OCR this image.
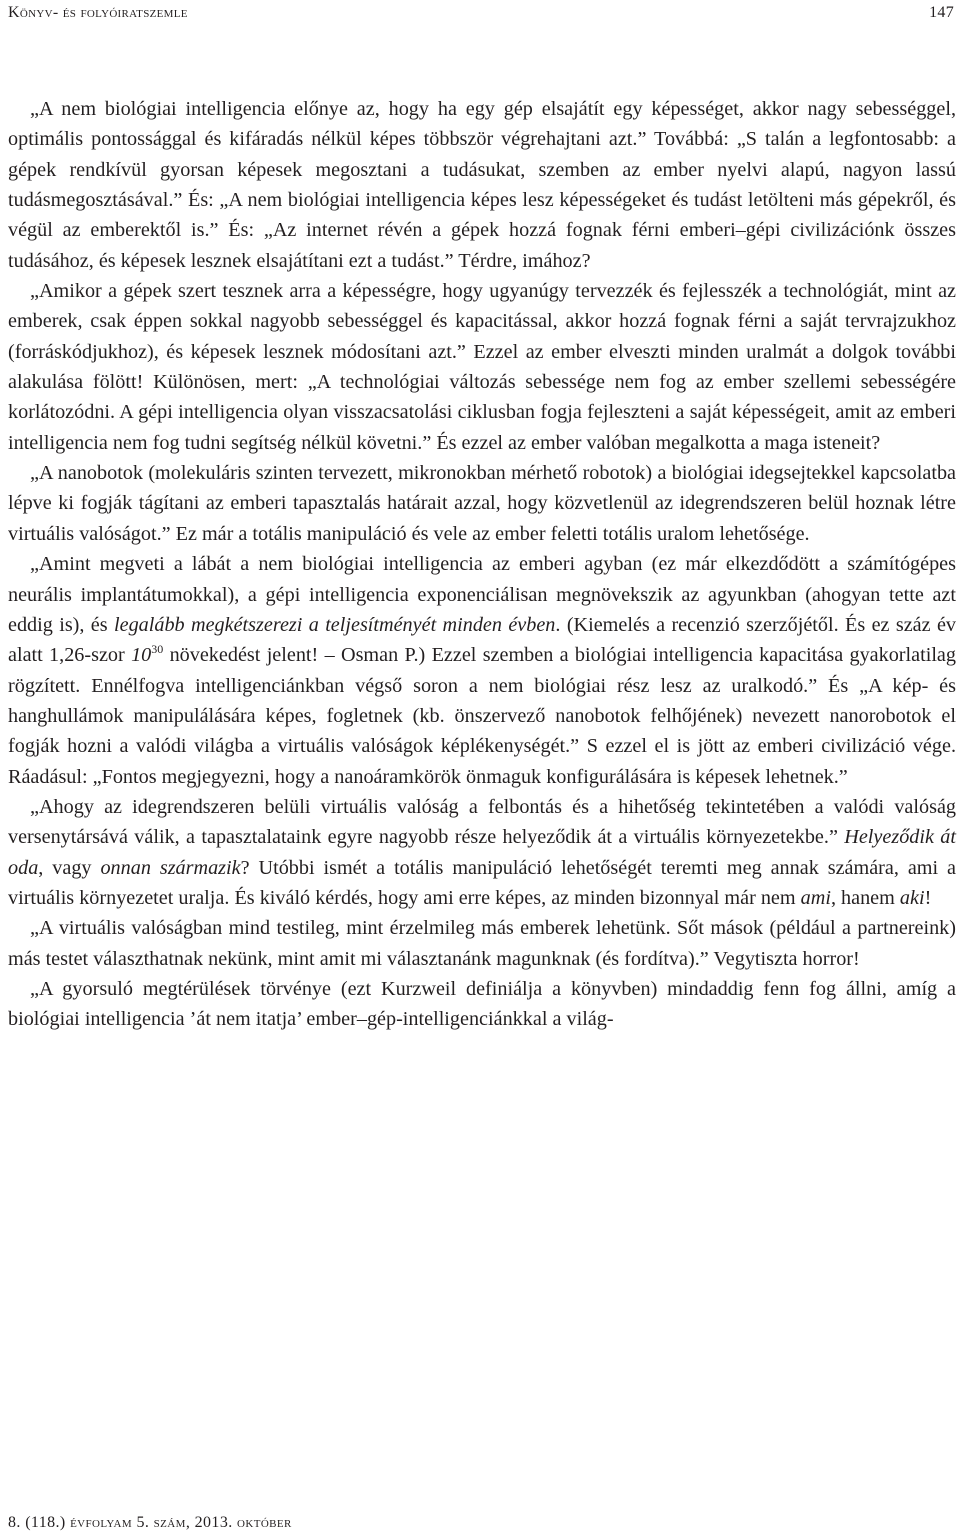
Könyv- és folyóiratszemle	147

„A nem biológiai intelligencia előnye az, hogy ha egy gép elsajátít egy képességet, akkor nagy sebességgel, optimális pontossággal és kifáradás nélkül képes többször végrehajtani azt.” Továbbá: „S talán a legfontosabb: a gépek rendkívül gyorsan képesek megosztani a tudásukat, szemben az ember nyelvi alapú, nagyon lassú tudásmegosztásával.” És: „A nem biológiai intelligencia képes lesz képességeket és tudást letölteni más gépekről, és végül az emberektől is.” És: „Az internet révén a gépek hozzá fognak férni emberi–gépi civilizációnk összes tudásához, és képesek lesznek elsajátítani ezt a tudást.” Térdre, imához?

„Amikor a gépek szert tesznek arra a képességre, hogy ugyanúgy tervezzék és fejlesszék a technológiát, mint az emberek, csak éppen sokkal nagyobb sebességgel és kapacitással, akkor hozzá fognak férni a saját tervrajzukhoz (forráskódjukhoz), és képesek lesznek módosítani azt.” Ezzel az ember elveszti minden uralmát a dolgok további alakulása fölött! Különösen, mert: „A technológiai változás sebessége nem fog az ember szellemi sebességére korlátozódni. A gépi intelligencia olyan visszacsatolási ciklusban fogja fejleszteni a saját képességeit, amit az emberi intelligencia nem fog tudni segítség nélkül követni.” És ezzel az ember valóban megalkotta a maga isteneit?

„A nanobotok (molekuláris szinten tervezett, mikronokban mérhető robotok) a biológiai idegsejtekkel kapcsolatba lépve ki fogják tágítani az emberi tapasztalás határait azzal, hogy közvetlenül az idegrendszeren belül hoznak létre virtuális valóságot.” Ez már a totális manipuláció és vele az ember feletti totális uralom lehetősége.

„Amint megveti a lábát a nem biológiai intelligencia az emberi agyban (ez már elkezdődött a számítógépes neurális implantátumokkal), a gépi intelligencia exponenciálisan megnövekszik az agyunkban (ahogyan tette azt eddig is), és legalább megkétszerezi a teljesítményét minden évben. (Kiemelés a recenzió szerzőjétől. És ez száz év alatt 1,26-szor $10^{30}$ növekedést jelent! – Osman P.) Ezzel szemben a biológiai intelligencia kapacitása gyakorlatilag rögzített. Ennélfogva intelligenciánkban végső soron a nem biológiai rész lesz az uralkodó.” És „A kép- és hanghullámok manipulálására képes, fogletnek (kb. önszervező nanobotok felhőjének) nevezett nanorobotok el fogják hozni a valódi világba a virtuális valóságok képlékenységét.” S ezzel el is jött az emberi civilizáció vége. Ráadásul: „Fontos megjegyezni, hogy a nanoáramkörök önmaguk konfigurálására is képesek lehetnek.”

„Ahogy az idegrendszeren belüli virtuális valóság a felbontás és a hihetőség tekintetében a valódi valóság versenytársává válik, a tapasztalataink egyre nagyobb része helyeződik át a virtuális környezetekbe.” Helyeződik át oda, vagy onnan származik? Utóbbi ismét a totális manipuláció lehetőségét teremti meg annak számára, ami a virtuális környezetet uralja. És kiváló kérdés, hogy ami erre képes, az minden bizonnyal már nem ami, hanem aki!

„A virtuális valóságban mind testileg, mint érzelmileg más emberek lehetünk. Sőt mások (például a partnereink) más testet választhatnak nekünk, mint amit mi választanánk magunknak (és fordítva).” Vegytiszta horror!

„A gyorsuló megtérülések törvénye (ezt Kurzweil definiálja a könyvben) mindaddig fenn fog állni, amíg a biológiai intelligencia ’át nem itatja’ ember–gép-intelligenciánkkal a világ-

8. (118.) évfolyam 5. szám, 2013. október
